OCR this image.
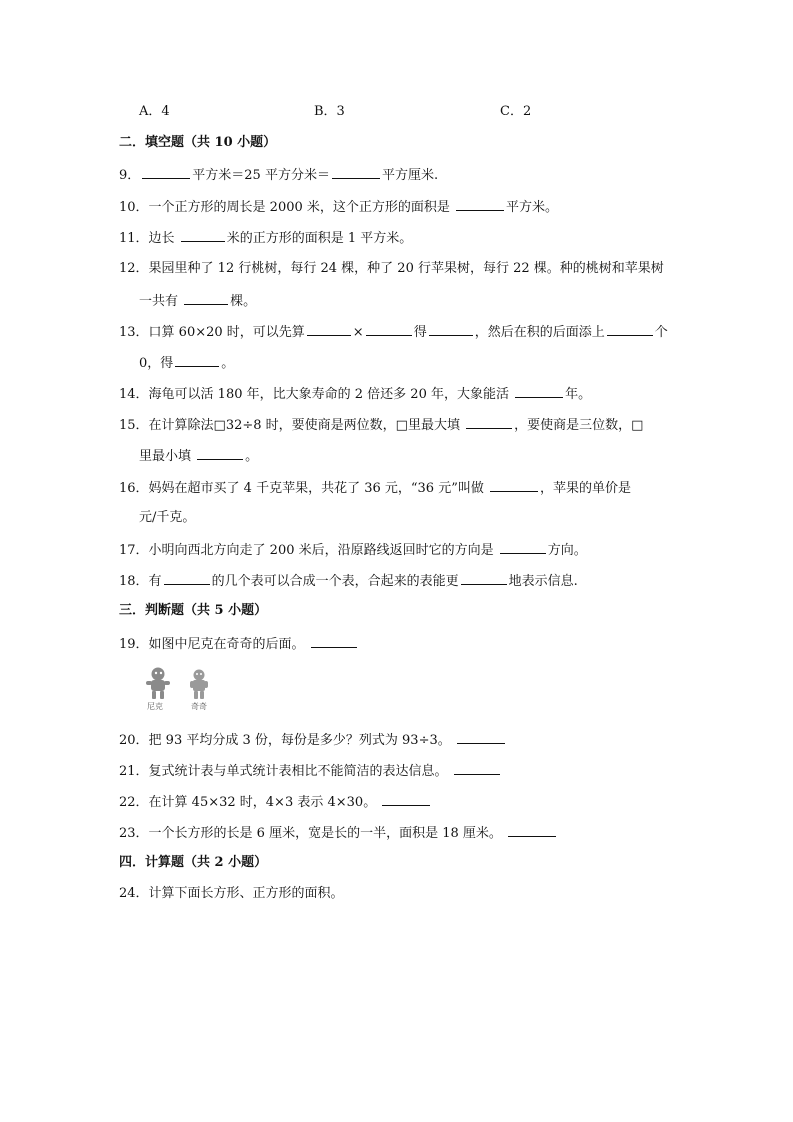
A．4	B．3	C．2
二．填空题（共 10 小题）
9．	平方米＝25 平方分米＝	平方厘米.
10．一个正方形的周长是 2000 米，这个正方形的面积是	平方米。
11．边长	米的正方形的面积是 1 平方米。
12．果园里种了 12 行桃树，每行 24 棵，种了 20 行苹果树，每行 22 棵。种的桃树和苹果树
一共有	棵。
13．口算 60×20 时，可以先算	×	得	，然后在积的后面添上	个
0，得	。
14．海龟可以活 180 年，比大象寿命的 2 倍还多 20 年，大象能活	年。
15．在计算除法□32÷8 时，要使商是两位数，□里最大填	，要使商是三位数，□
里最小填	。
16．妈妈在超市买了 4 千克苹果，共花了 36 元，“36 元”叫做	，苹果的单价是
元/千克。
17．小明向西北方向走了 200 米后，沿原路线返回时它的方向是	方向。
18．有	的几个表可以合成一个表，合起来的表能更	地表示信息.
三．判断题（共 5 小题）
19．如图中尼克在奇奇的后面。
尼克	奇奇
20．把 93 平均分成 3 份，每份是多少？列式为 93÷3。
21．复式统计表与单式统计表相比不能简洁的表达信息。
22．在计算 45×32 时，4×3 表示 4×30。
23．一个长方形的长是 6 厘米，宽是长的一半，面积是 18 厘米。
四．计算题（共 2 小题）
24．计算下面长方形、正方形的面积。
